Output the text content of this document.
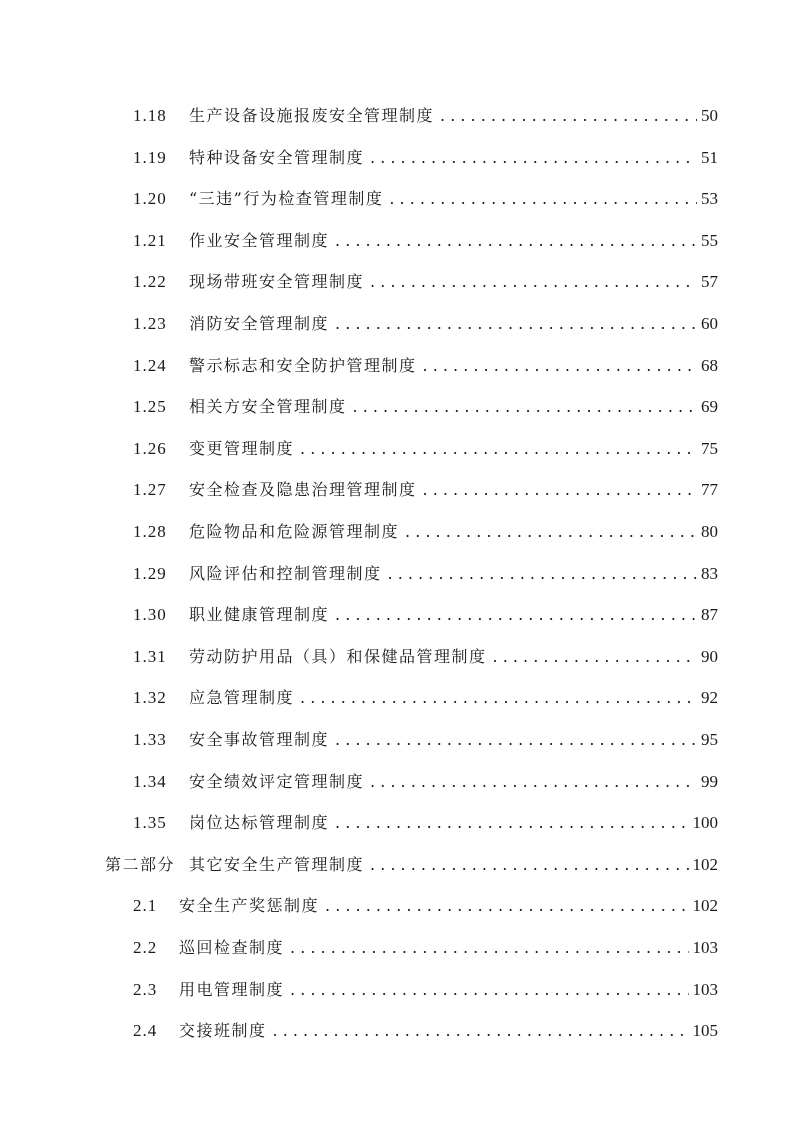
1.18	生产设备设施报废安全管理制度 . . .	50
1.19	特种设备安全管理制度 . . .	51
1.20	“三违”行为检查管理制度 . . .	53
1.21	作业安全管理制度 . . .	55
1.22	现场带班安全管理制度 . . .	57
1.23	消防安全管理制度 . . .	60
1.24	警示标志和安全防护管理制度 . . .	68
1.25	相关方安全管理制度 . . .	69
1.26	变更管理制度 . . .	75
1.27	安全检查及隐患治理管理制度 . . .	77
1.28	危险物品和危险源管理制度 . . .	80
1.29	风险评估和控制管理制度 . . .	83
1.30	职业健康管理制度 . . .	87
1.31	劳动防护用品（具）和保健品管理制度 . . .	90
1.32	应急管理制度 . . .	92
1.33	安全事故管理制度 . . .	95
1.34	安全绩效评定管理制度 . . .	99
1.35	岗位达标管理制度 . . .	100
第二部分 其它安全生产管理制度 . . .	102
2.1	安全生产奖惩制度 . . .	102
2.2	巡回检查制度 . . .	103
2.3	用电管理制度 . . .	103
2.4	交接班制度 . . .	105
